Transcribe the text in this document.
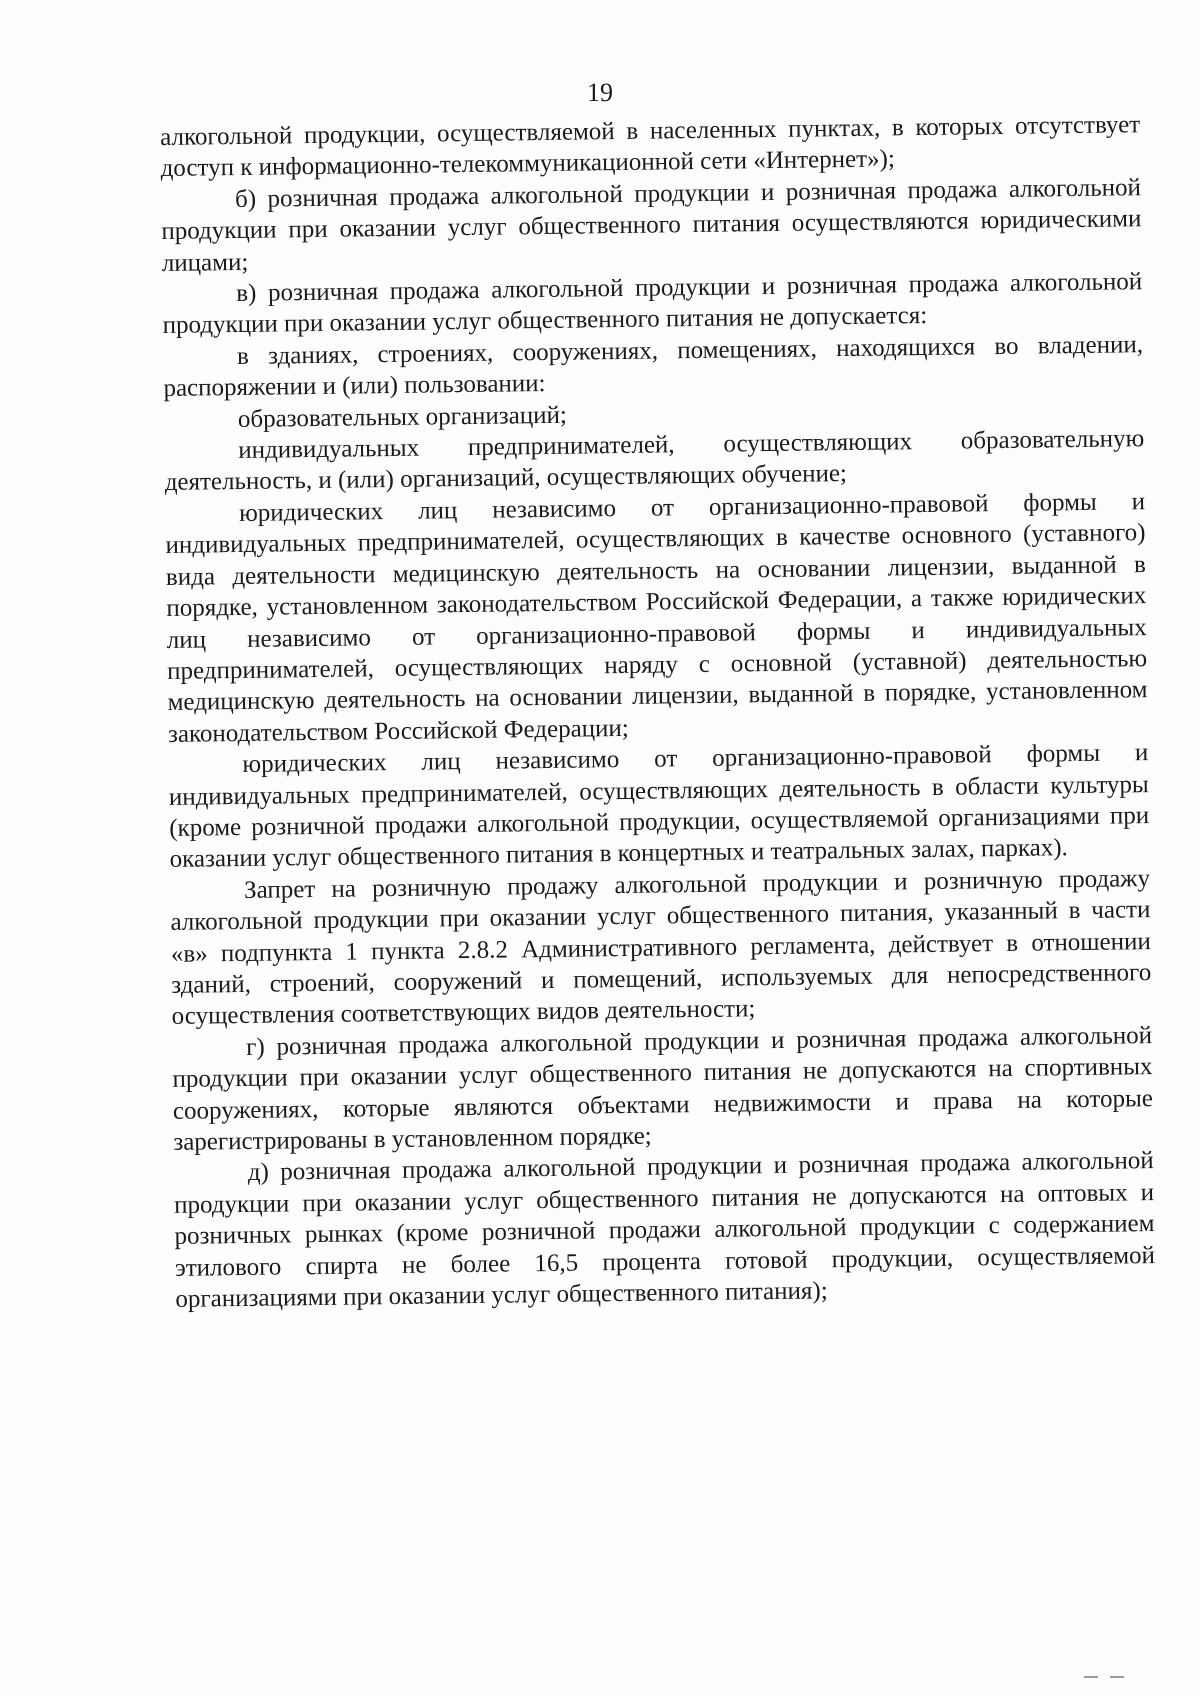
19

алкогольной продукции, осуществляемой в населенных пунктах, в которых отсутствует доступ к информационно-телекоммуникационной сети «Интернет»);

б) розничная продажа алкогольной продукции и розничная продажа алкогольной продукции при оказании услуг общественного питания осуществляются юридическими лицами;

в) розничная продажа алкогольной продукции и розничная продажа алкогольной продукции при оказании услуг общественного питания не допускается:

в зданиях, строениях, сооружениях, помещениях, находящихся во владении, распоряжении и (или) пользовании:

образовательных организаций;

индивидуальных предпринимателей, осуществляющих образовательную деятельность, и (или) организаций, осуществляющих обучение;

юридических лиц независимо от организационно-правовой формы и индивидуальных предпринимателей, осуществляющих в качестве основного (уставного) вида деятельности медицинскую деятельность на основании лицензии, выданной в порядке, установленном законодательством Российской Федерации, а также юридических лиц независимо от организационно-правовой формы и индивидуальных предпринимателей, осуществляющих наряду с основной (уставной) деятельностью медицинскую деятельность на основании лицензии, выданной в порядке, установленном законодательством Российской Федерации;

юридических лиц независимо от организационно-правовой формы и индивидуальных предпринимателей, осуществляющих деятельность в области культуры (кроме розничной продажи алкогольной продукции, осуществляемой организациями при оказании услуг общественного питания в концертных и театральных залах, парках).

Запрет на розничную продажу алкогольной продукции и розничную продажу алкогольной продукции при оказании услуг общественного питания, указанный в части «в» подпункта 1 пункта 2.8.2 Административного регламента, действует в отношении зданий, строений, сооружений и помещений, используемых для непосредственного осуществления соответствующих видов деятельности;

г) розничная продажа алкогольной продукции и розничная продажа алкогольной продукции при оказании услуг общественного питания не допускаются на спортивных сооружениях, которые являются объектами недвижимости и права на которые зарегистрированы в установленном порядке;

д) розничная продажа алкогольной продукции и розничная продажа алкогольной продукции при оказании услуг общественного питания не допускаются на оптовых и розничных рынках (кроме розничной продажи алкогольной продукции с содержанием этилового спирта не более 16,5 процента готовой продукции, осуществляемой организациями при оказании услуг общественного питания);
